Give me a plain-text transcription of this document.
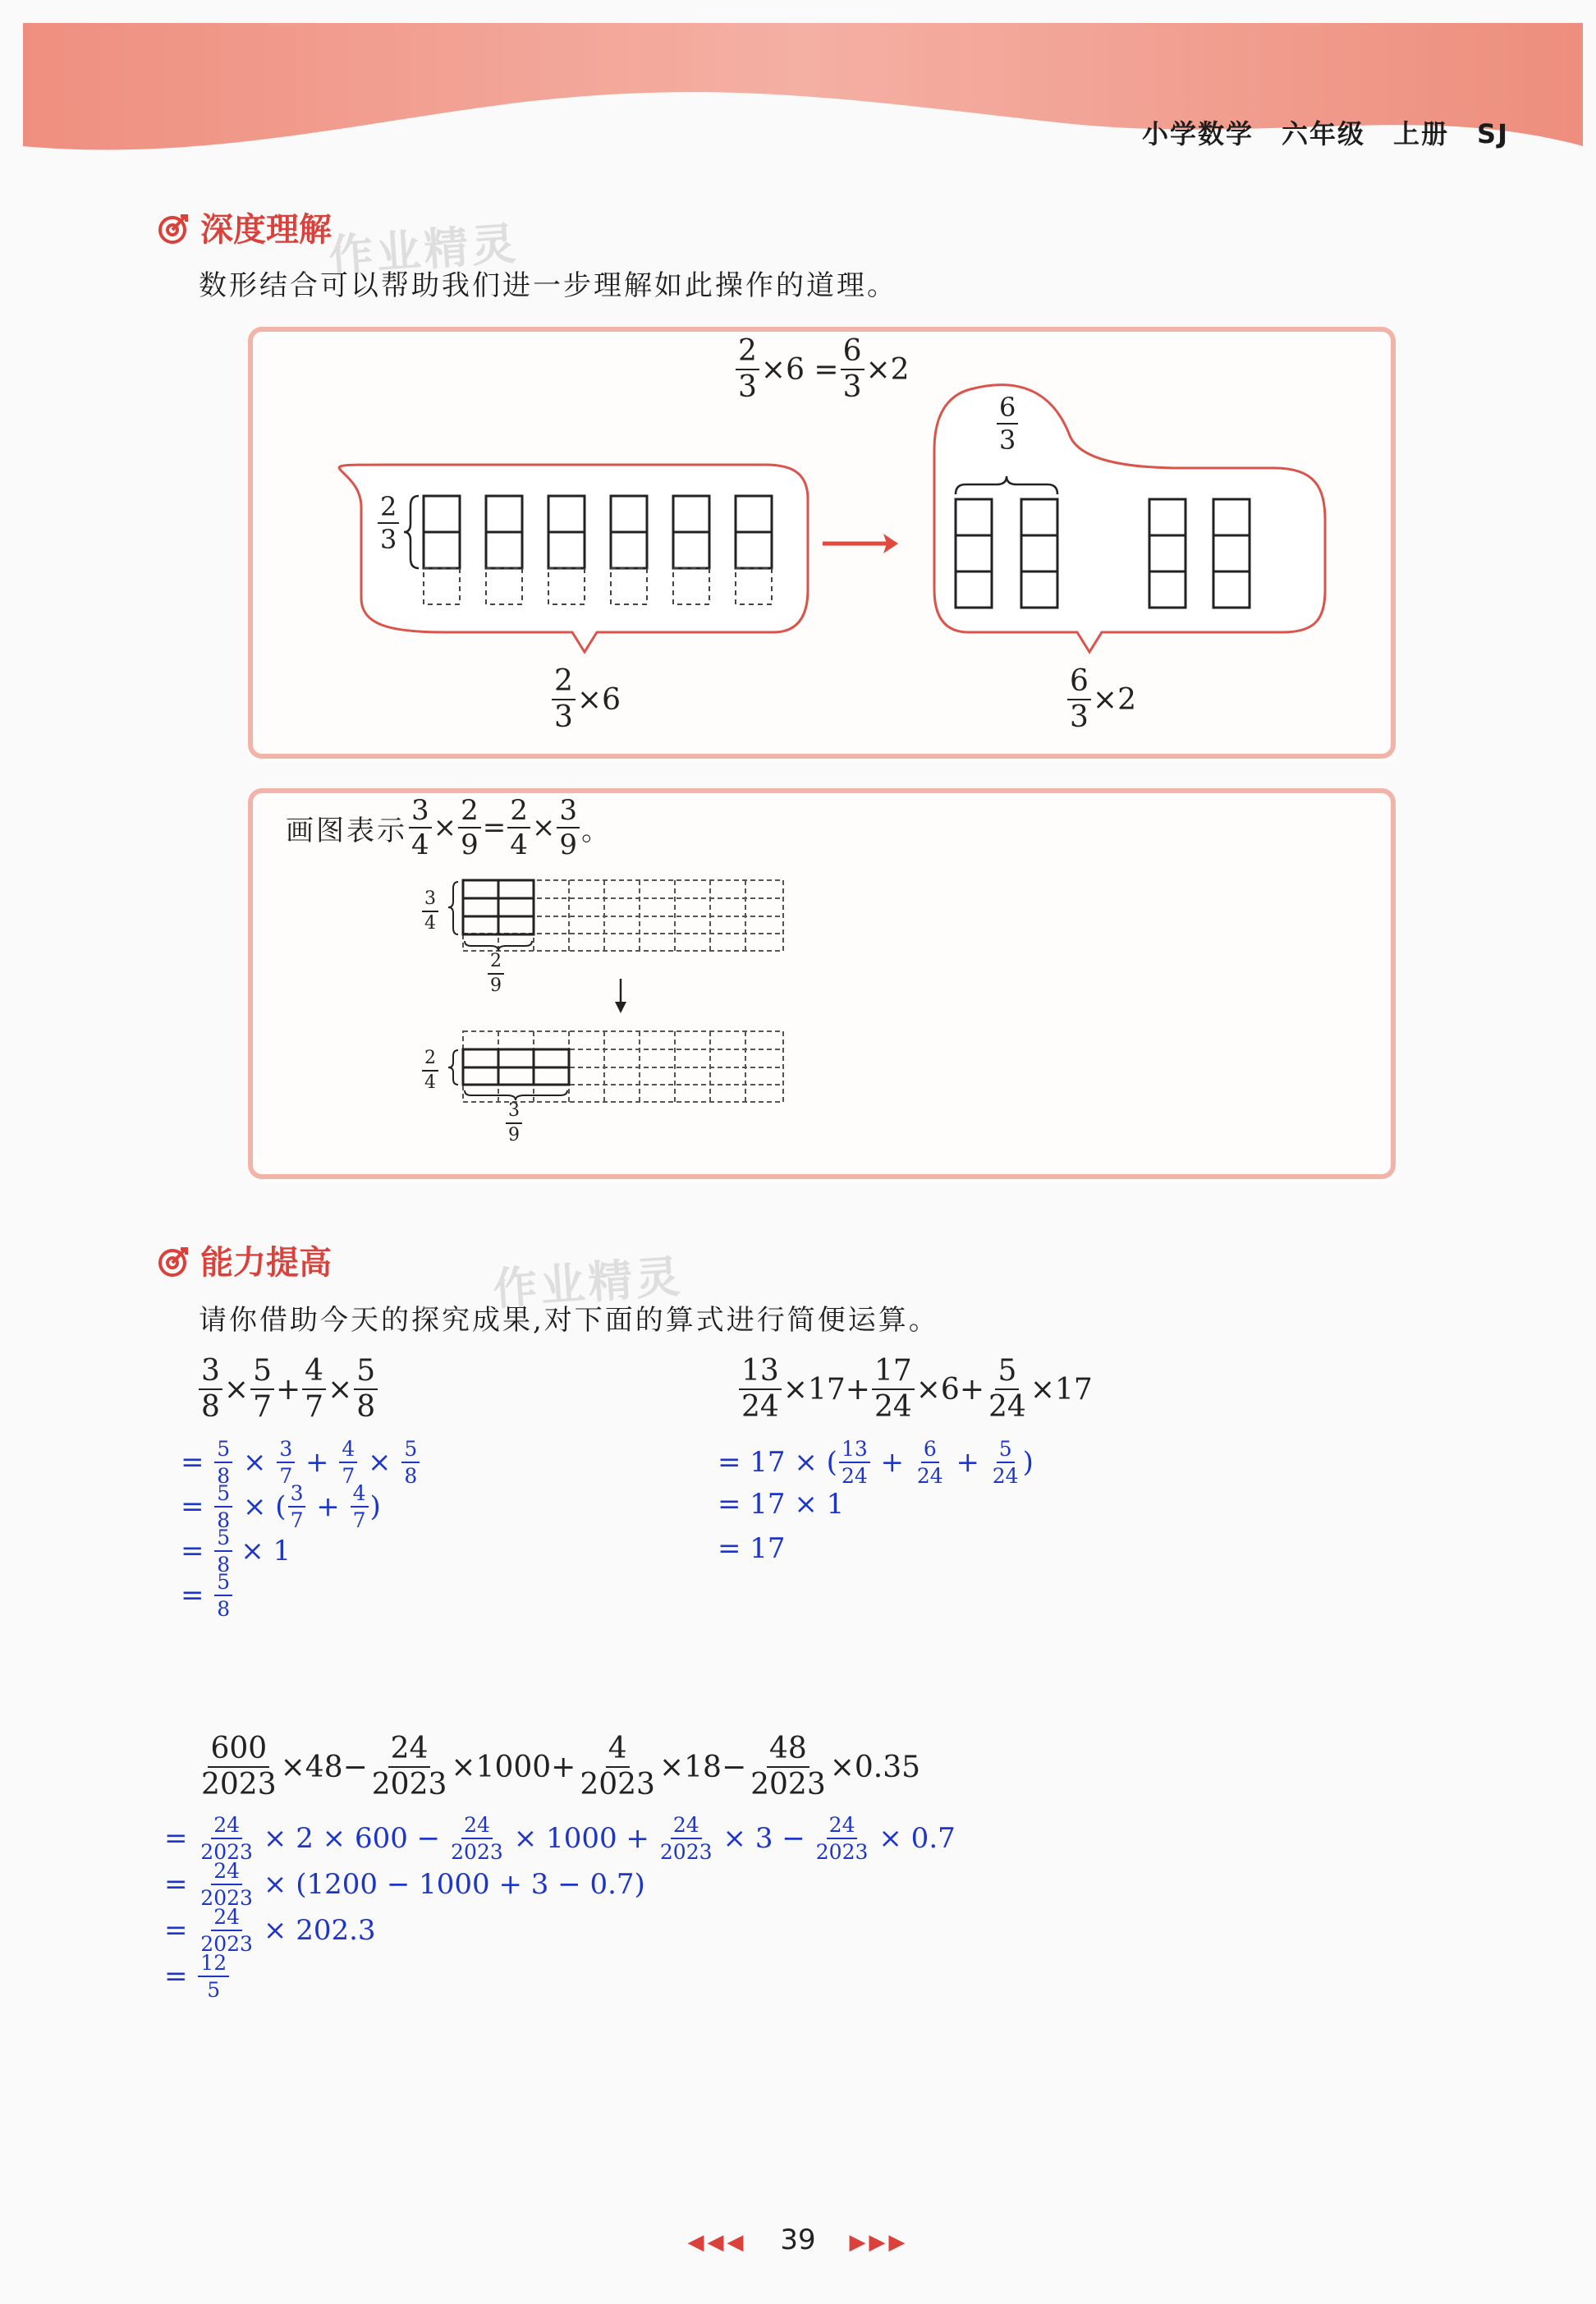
小学数学 六年级 上册 SJ
深度理解
作业精灵
数形结合可以帮助我们进一步理解如此操作的道理。
$\frac{2}{3} \times 6 = \frac{6}{3} \times 2$
$\frac{2}{3}$
$\frac{6}{3}$
$\frac{2}{3} \times 6$	$\frac{6}{3} \times 2$
画图表示 $\frac{3}{4} \times \frac{2}{9} = \frac{2}{4} \times \frac{3}{9}$ 。
$\frac{3}{4}$
$\frac{2}{9}$
$\frac{2}{4}$
$\frac{3}{9}$
能力提高	作业精灵
请你借助今天的探究成果,对下面的算式进行简便运算。
$\frac{3}{8} \times \frac{5}{7} + \frac{4}{7} \times \frac{5}{8}$
= $\frac{5}{8} \times \frac{3}{7} + \frac{4}{7} \times \frac{5}{8}$
= $\frac{5}{8}$ × ( $\frac{3}{7} + \frac{4}{7}$ )
= $\frac{5}{8} \times 1$
= $\frac{5}{8}$
$\frac{13}{24} \times 17+ \frac{17}{24} \times 6+ \frac{5}{24} \times 17$
= 17 × ( $\frac{13}{24} + \frac{6}{24} + \frac{5}{24}$ )
= 17 × 1
= 17
$\frac{600}{2023} \times 48- \frac{24}{2023} \times 1000+ \frac{4}{2023} \times 18- \frac{48}{2023} \times 0.35$
= $\frac{24}{2023} \times 2 \times 600 - \frac{24}{2023} \times 1000 + \frac{24}{2023} \times 3 - \frac{24}{2023} \times 0.7$
= $\frac{24}{2023} \times (1200 - 1000 + 3 - 0.7)$
= $\frac{24}{2023} \times 202.3$
= $\frac{12}{5}$
◀◀◀ 39 ▶▶▶
